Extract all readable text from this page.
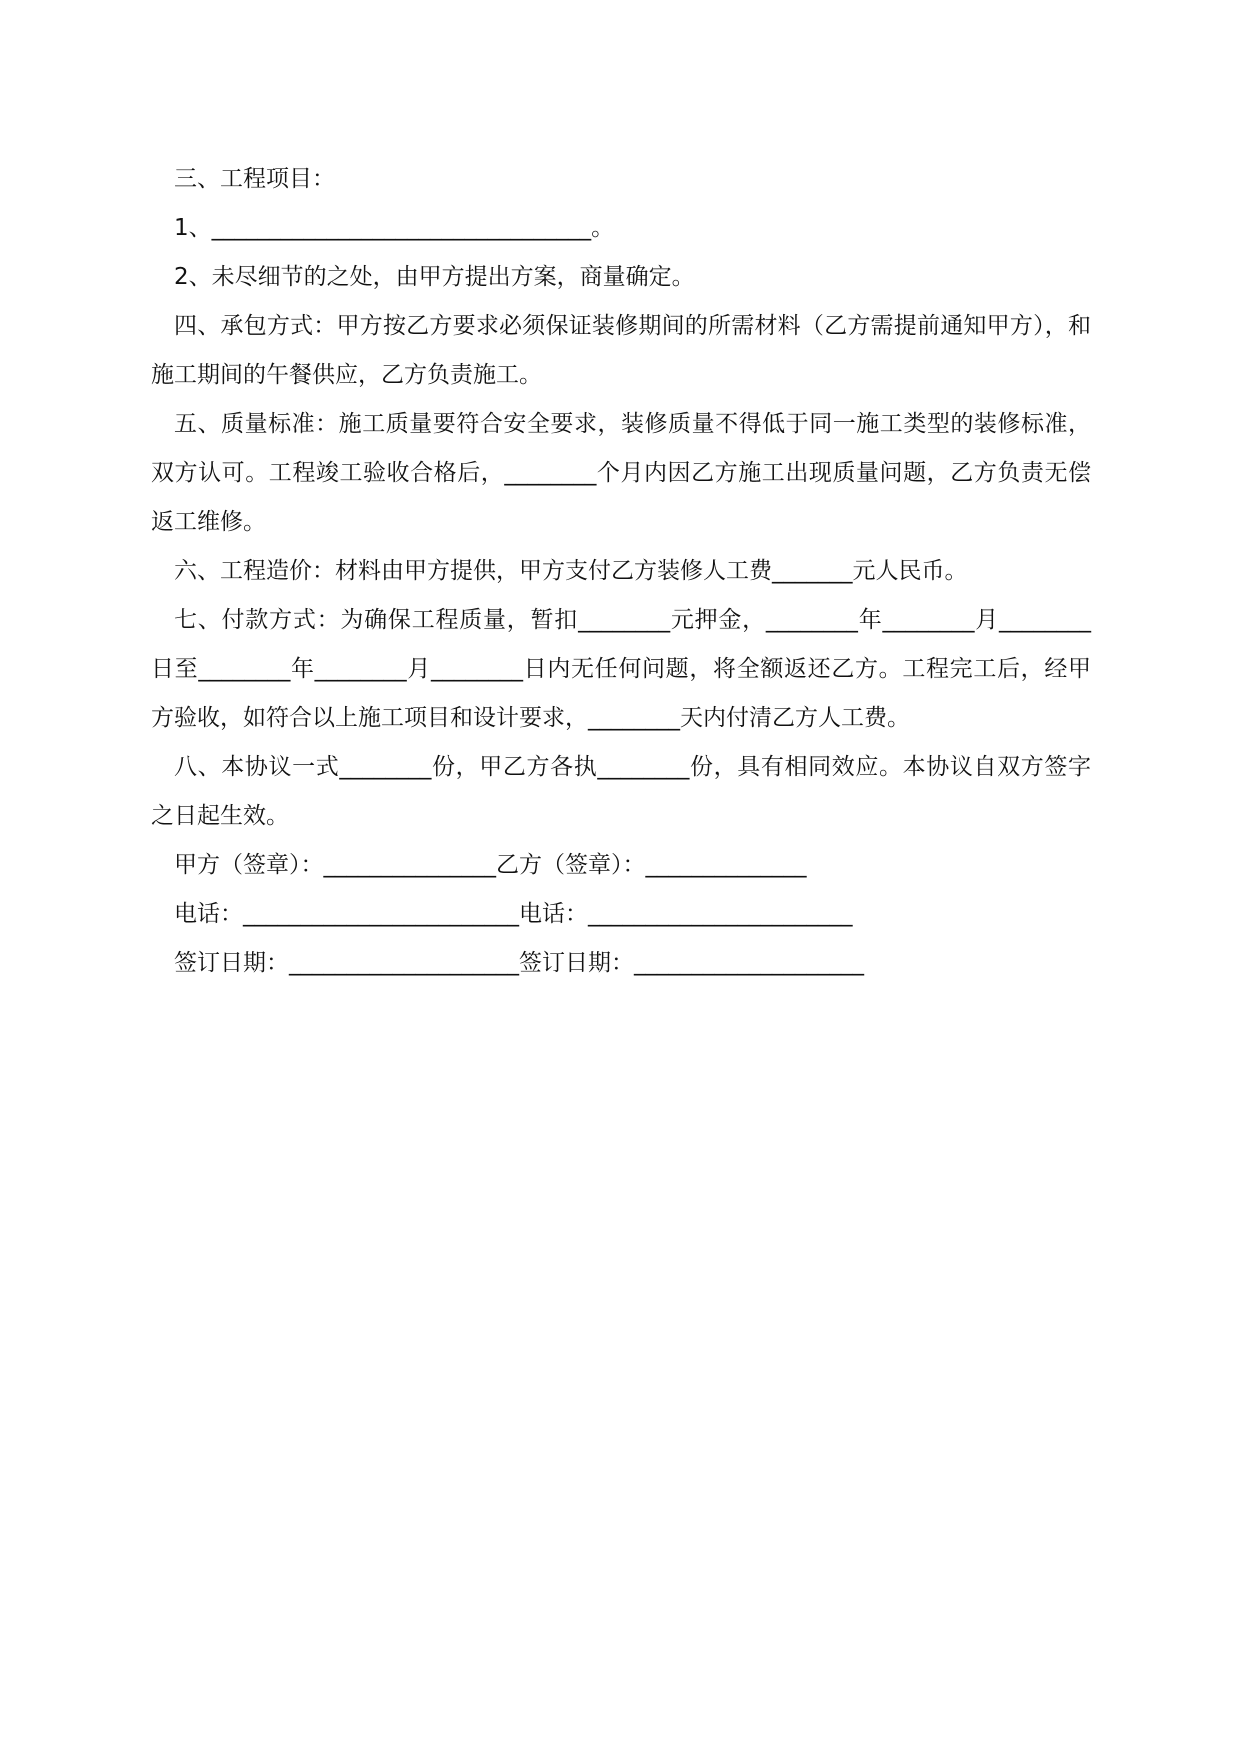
三、工程项目：

1、_________________________________。

2、未尽细节的之处，由甲方提出方案，商量确定。

四、承包方式：甲方按乙方要求必须保证装修期间的所需材料（乙方需提前通知甲方），和施工期间的午餐供应，乙方负责施工。

五、质量标准：施工质量要符合安全要求，装修质量不得低于同一施工类型的装修标准，双方认可。工程竣工验收合格后，________个月内因乙方施工出现质量问题，乙方负责无偿返工维修。

六、工程造价：材料由甲方提供，甲方支付乙方装修人工费_______元人民币。

七、付款方式：为确保工程质量，暂扣________元押金，________年________月________日至________年________月________日内无任何问题，将全额返还乙方。工程完工后，经甲方验收，如符合以上施工项目和设计要求，________天内付清乙方人工费。

八、本协议一式________份，甲乙方各执________份，具有相同效应。本协议自双方签字之日起生效。

甲方（签章）：_______________乙方（签章）：______________

电话：________________________电话：_______________________

签订日期：____________________签订日期：____________________
